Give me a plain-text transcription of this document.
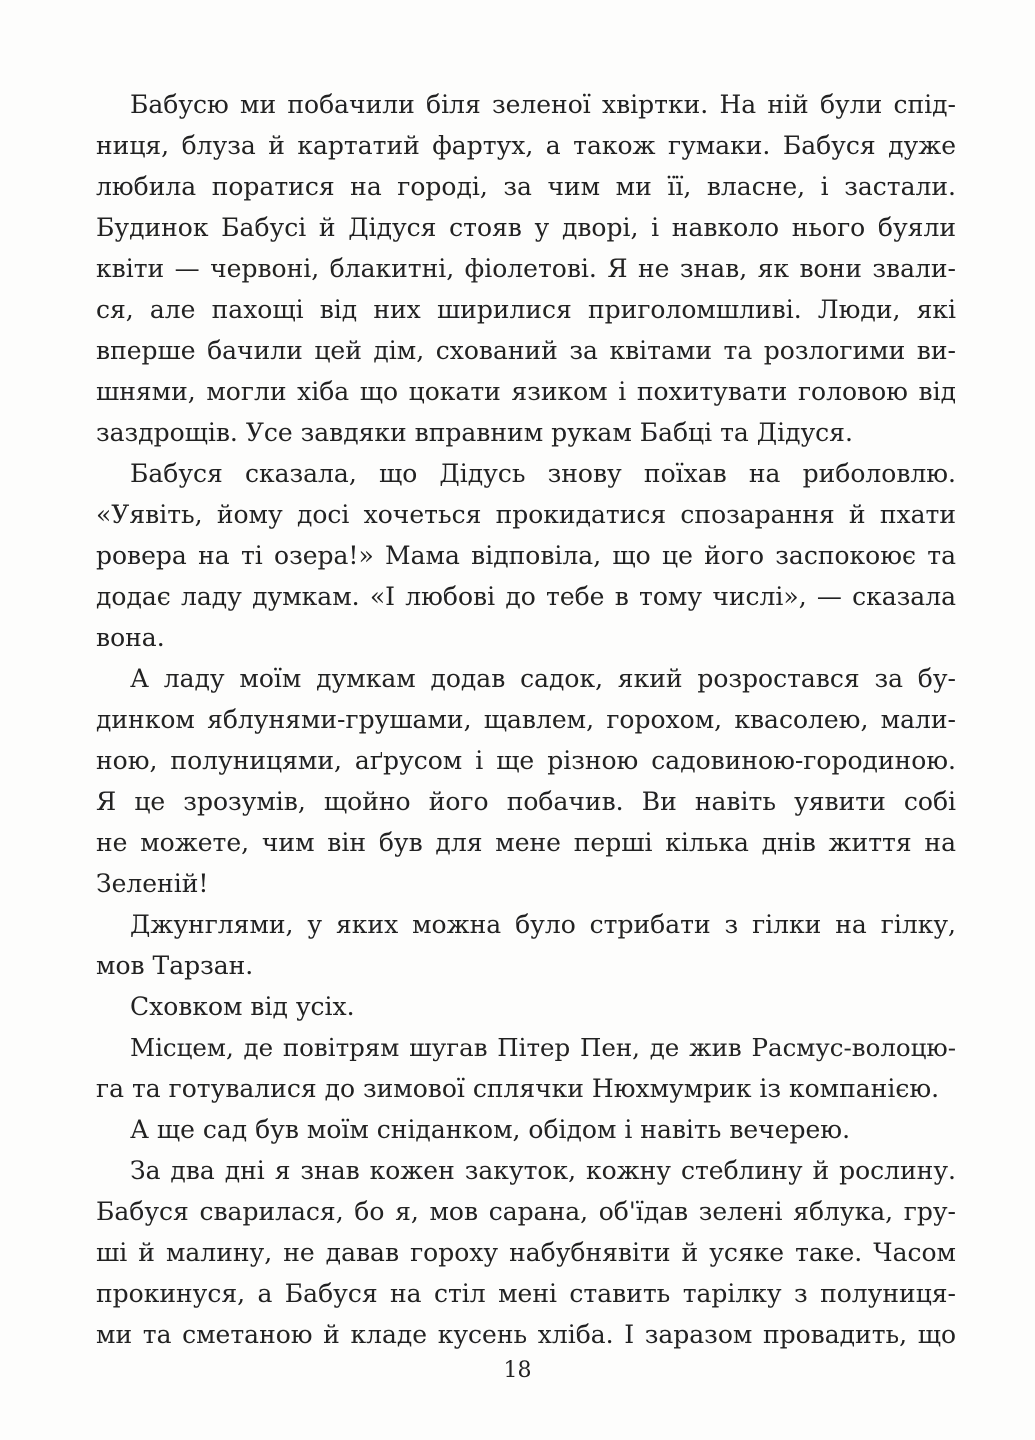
Бабусю ми побачили біля зеленої хвіртки. На ній були спід-
ниця, блуза й картатий фартух, а також гумаки. Бабуся дуже
любила поратися на городі, за чим ми її, власне, і застали.
Будинок Бабусі й Дідуся стояв у дворі, і навколо нього буяли
квіти — червоні, блакитні, фіолетові. Я не знав, як вони звали-
ся, але пахощі від них ширилися приголомшливі. Люди, які
вперше бачили цей дім, схований за квітами та розлогими ви-
шнями, могли хіба що цокати язиком і похитувати головою від
заздрощів. Усе завдяки вправним рукам Бабці та Дідуся.
Бабуся сказала, що Дідусь знову поїхав на риболовлю.
«Уявіть, йому досі хочеться прокидатися спозарання й пхати
ровера на ті озера!» Мама відповіла, що це його заспокоює та
додає ладу думкам. «І любові до тебе в тому числі», — сказала
вона.
А ладу моїм думкам додав садок, який розростався за бу-
динком яблунями-грушами, щавлем, горохом, квасолею, мали-
ною, полуницями, аґрусом і ще різною садовиною-городиною.
Я це зрозумів, щойно його побачив. Ви навіть уявити собі
не можете, чим він був для мене перші кілька днів життя на
Зеленій!
Джунглями, у яких можна було стрибати з гілки на гілку,
мов Тарзан.
Сховком від усіх.
Місцем, де повітрям шугав Пітер Пен, де жив Расмус-волоцю-
га та готувалися до зимової сплячки Нюхмумрик із компанією.
А ще сад був моїм сніданком, обідом і навіть вечерею.
За два дні я знав кожен закуток, кожну стеблину й рослину.
Бабуся сварилася, бо я, мов сарана, об'їдав зелені яблука, гру-
ші й малину, не давав гороху набубнявіти й усяке таке. Часом
прокинуся, а Бабуся на стіл мені ставить тарілку з полуниця-
ми та сметаною й кладе кусень хліба. І заразом провадить, що
18
